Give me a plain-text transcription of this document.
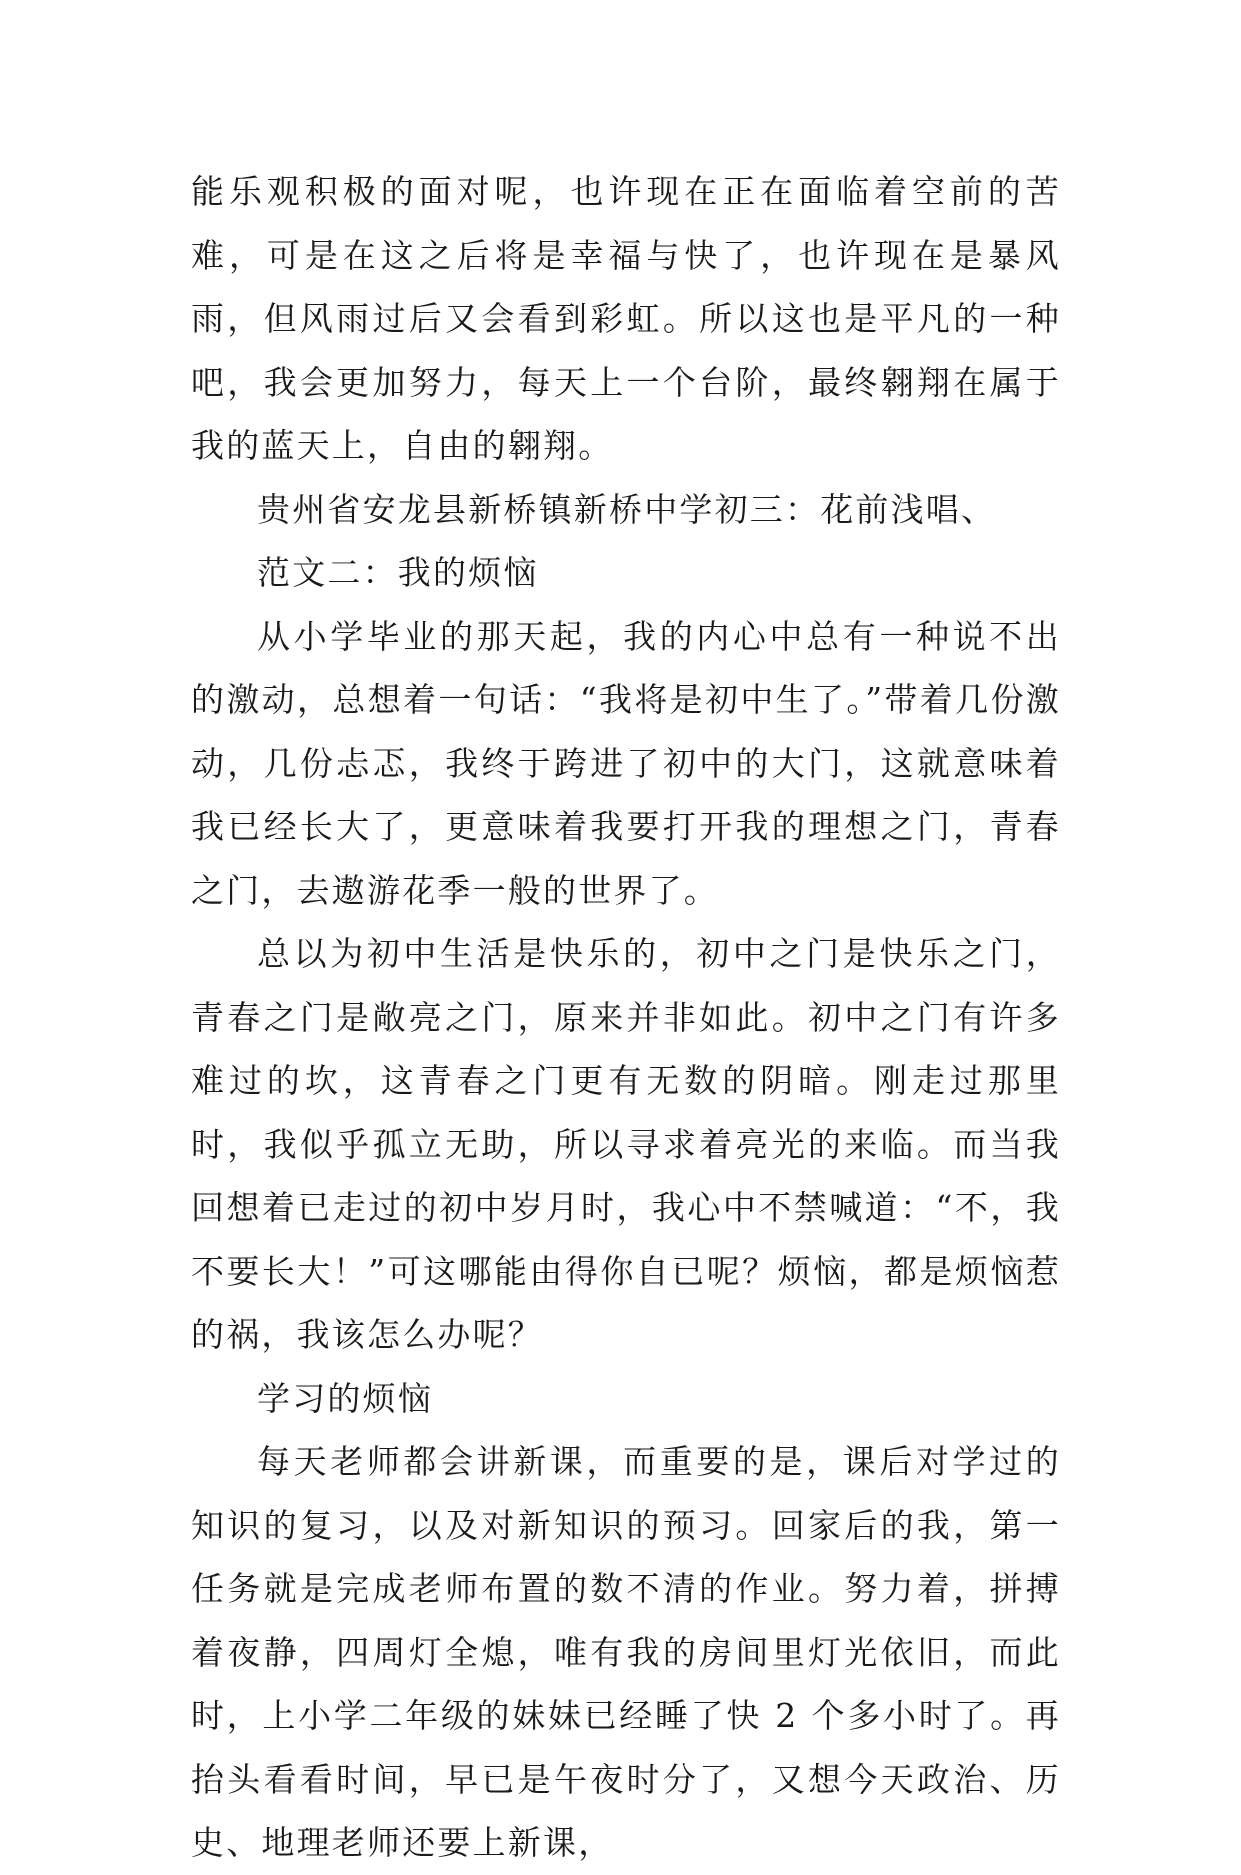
能乐观积极的面对呢，也许现在正在面临着空前的苦难，可是在这之后将是幸福与快了，也许现在是暴风雨，但风雨过后又会看到彩虹。所以这也是平凡的一种吧，我会更加努力，每天上一个台阶，最终翱翔在属于我的蓝天上，自由的翱翔。

贵州省安龙县新桥镇新桥中学初三：花前浅唱、

范文二：我的烦恼

从小学毕业的那天起，我的内心中总有一种说不出的激动，总想着一句话：“我将是初中生了。”带着几份激动，几份忐忑，我终于跨进了初中的大门，这就意味着我已经长大了，更意味着我要打开我的理想之门，青春之门，去遨游花季一般的世界了。

总以为初中生活是快乐的，初中之门是快乐之门，青春之门是敞亮之门，原来并非如此。初中之门有许多难过的坎，这青春之门更有无数的阴暗。刚走过那里时，我似乎孤立无助，所以寻求着亮光的来临。而当我回想着已走过的初中岁月时，我心中不禁喊道：“不，我不要长大！”可这哪能由得你自已呢？烦恼，都是烦恼惹的祸，我该怎么办呢？

学习的烦恼

每天老师都会讲新课，而重要的是，课后对学过的知识的复习，以及对新知识的预习。回家后的我，第一任务就是完成老师布置的数不清的作业。努力着，拼搏着夜静，四周灯全熄，唯有我的房间里灯光依旧，而此时，上小学二年级的妹妹已经睡了快 2 个多小时了。再抬头看看时间，早已是午夜时分了，又想今天政治、历史、地理老师还要上新课，
